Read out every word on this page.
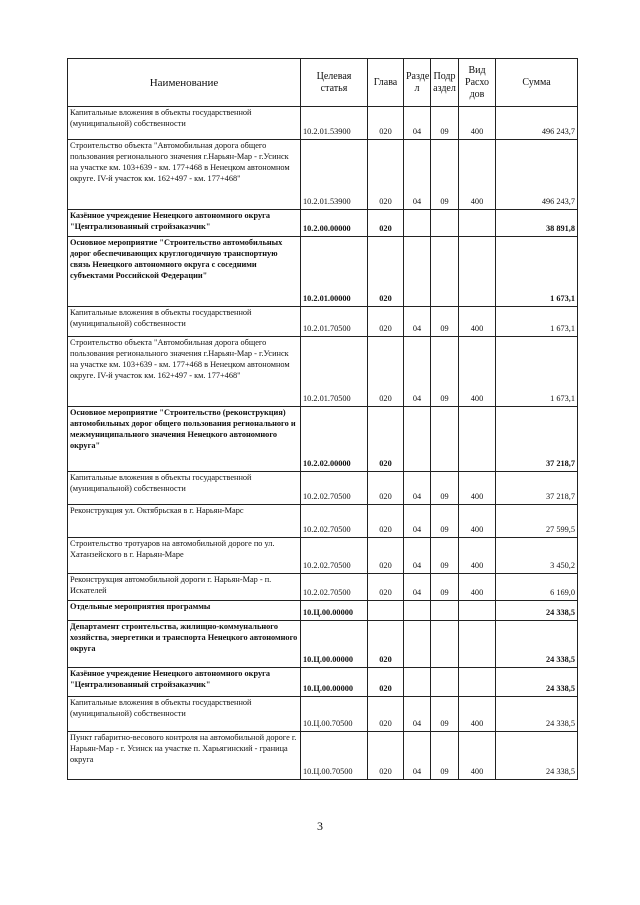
Наименование	Целевая статья	Глава	Разде л	Подр аздел	Вид Расхо дов	Сумма
Капитальные вложения в объекты государственной (муниципальной) собственности	10.2.01.53900	020	04	09	400	496 243,7
Строительство объекта "Автомобильная дорога общего пользования регионального значения г.Нарьян-Мар - г.Усинск на участке км. 103+639 - км. 177+468 в Ненецком автономном округе. IV-й участок км. 162+497 - км. 177+468"	10.2.01.53900	020	04	09	400	496 243,7
Казённое учреждение Ненецкого автономного округа "Централизованный стройзаказчик"	10.2.00.00000	020				38 891,8
Основное мероприятие "Строительство автомобильных дорог обеспечивающих круглогодичную транспортную связь Ненецкого автономного округа с соседними субъектами Российской Федерации"	10.2.01.00000	020				1 673,1
Капитальные вложения в объекты государственной (муниципальной) собственности	10.2.01.70500	020	04	09	400	1 673,1
Строительство объекта "Автомобильная дорога общего пользования регионального значения г.Нарьян-Мар - г.Усинск на участке км. 103+639 - км. 177+468 в Ненецком автономном округе. IV-й участок км. 162+497 - км. 177+468"	10.2.01.70500	020	04	09	400	1 673,1
Основное мероприятие "Строительство (реконструкция) автомобильных дорог общего пользования регионального и межмуниципального значения Ненецкого автономного округа"	10.2.02.00000	020				37 218,7
Капитальные вложения в объекты государственной (муниципальной) собственности	10.2.02.70500	020	04	09	400	37 218,7
Реконструкция ул. Октябрьская в г. Нарьян-Марс	10.2.02.70500	020	04	09	400	27 599,5
Строительство тротуаров на автомобильной дороге по ул. Хатанзейского в г. Нарьян-Маре	10.2.02.70500	020	04	09	400	3 450,2
Реконструкция автомобильной дороги г. Нарьян-Мар - п. Искателей	10.2.02.70500	020	04	09	400	6 169,0
Отдельные мероприятия программы	10.Ц.00.00000					24 338,5
Департамент строительства, жилищно-коммунального хозяйства, энергетики и транспорта Ненецкого автономного округа	10.Ц.00.00000	020				24 338,5
Казённое учреждение Ненецкого автономного округа "Централизованный стройзаказчик"	10.Ц.00.00000	020				24 338,5
Капитальные вложения в объекты государственной (муниципальной) собственности	10.Ц.00.70500	020	04	09	400	24 338,5
Пункт габаритно-весового контроля на автомобильной дороге г. Нарьян-Мар - г. Усинск на участке п. Харьягинский - граница округа	10.Ц.00.70500	020	04	09	400	24 338,5
3
